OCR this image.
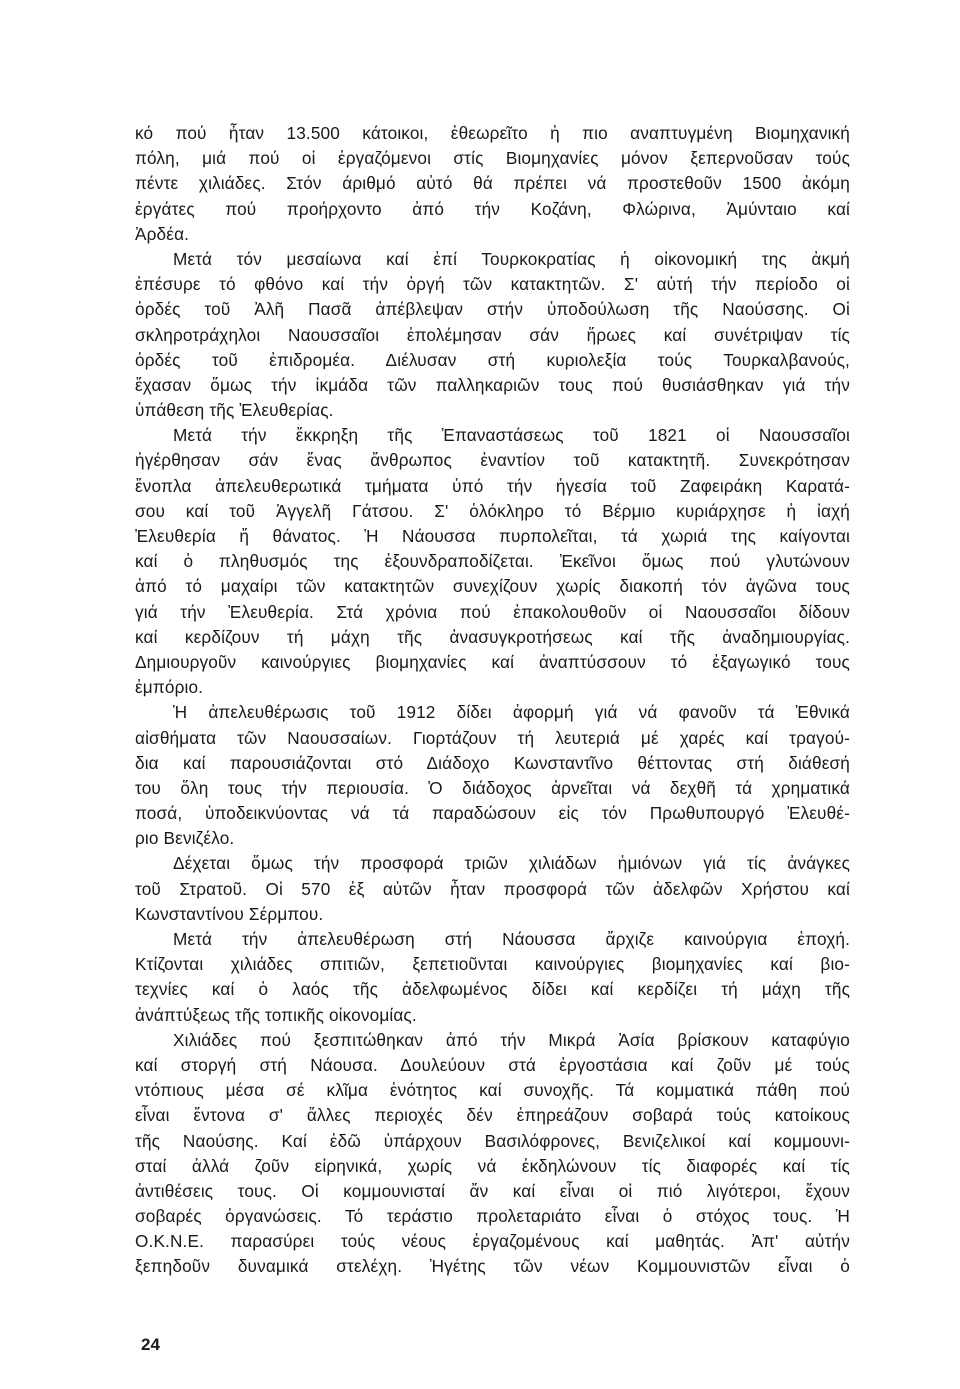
κό πού ἦταν 13.500 κάτοικοι, ἐθεωρεῖτο ἡ πιο αναπτυγμένη Βιομηχανική
πόλη, μιά πού οἱ ἐργαζόμενοι στίς Βιομηχανίες μόνον ξεπερνοῦσαν τούς
πέντε χιλιάδες. Στόν άριθμό αὐτό θά πρέπει νά προστεθοῦν 1500 ἀκόμη
ἐργάτες πού προήρχοντο ἀπό τήν Κοζάνη, Φλώρινα, Ἀμύνταιο καί
Ἀρδέα.
Μετά τόν μεσαίωνα καί ἐπί Τουρκοκρατίας ἡ οἰκονομική της ἀκμή
ἐπέσυρε τό φθόνο καί τήν ὀργή τῶν κατακτητῶν. Σ' αὐτή τήν περίοδο οἱ
ὀρδές τοῦ Ἀλῆ Πασᾶ ἀπέβλεψαν στήν ὑποδούλωση τῆς Ναούσσης. Οἱ
σκληροτράχηλοι Ναουσσαῖοι ἐπολέμησαν σάν ἥρωες καί συνέτριψαν τίς
ὀρδές τοῦ ἐπιδρομέα. Διέλυσαν στή κυριολεξία τούς Τουρκαλβανούς,
ἔχασαν ὅμως τήν ἰκμάδα τῶν παλληκαριῶν τους πού θυσιάσθηκαν γιά τήν
ὑπάθεση τῆς Ἐλευθερίας.
Μετά τήν ἔκκρηξη τῆς Ἐπαναστάσεως τοῦ 1821 οἱ Ναουσσαῖοι
ἠγέρθησαν σάν ἕνας ἄνθρωπος ἐναντίον τοῦ κατακτητῆ. Συνεκρότησαν
ἔνοπλα ἀπελευθερωτικά τμήματα ὑπό τήν ἡγεσία τοῦ Ζαφειράκη Καρατά-
σου καί τοῦ Ἀγγελῆ Γάτσου. Σ' ὁλόκληρο τό Βέρμιο κυριάρχησε ἡ ἰαχή
Ἐλευθερία ἤ θάνατος. Ἡ Νάουσσα πυρπολεῖται, τά χωριά της καίγονται
καί ὁ πληθυσμός της ἐξουνδραποδίζεται. Ἐκεῖνοι ὅμως πού γλυτώνουν
ἀπό τό μαχαίρι τῶν κατακτητῶν συνεχίζουν χωρίς διακοπή τόν ἀγῶνα τους
γιά τήν Ἐλευθερία. Στά χρόνια πού ἐπακολουθοῦν οἱ Ναουσσαῖοι δίδουν
καί κερδίζουν τή μάχη τῆς ἀνασυγκροτήσεως καί τῆς ἀναδημιουργίας.
Δημιουργοῦν καινούργιες βιομηχανίες καί ἀναπτύσσουν τό ἐξαγωγικό τους
ἐμπόριο.
Ἡ ἀπελευθέρωσις τοῦ 1912 δίδει ἀφορμή γιά νά φανοῦν τά Ἐθνικά
αἰσθήματα τῶν Ναουσσαίων. Γιορτάζουν τή λευτεριά μέ χαρές καί τραγού-
δια καί παρουσιάζονται στό Διάδοχο Κωνσταντῖνο θέττοντας στή διάθεσή
του ὅλη τους τήν περιουσία. Ὁ διάδοχος ἀρνεῖται νά δεχθῆ τά χρηματικά
ποσά, ὑποδεικνύοντας νά τά παραδώσουν εἰς τόν Πρωθυπουργό Ἐλευθέ-
ριο Βενιζέλο.
Δέχεται ὅμως τήν προσφορά τριῶν χιλιάδων ἡμιόνων γιά τίς ἀνάγκες
τοῦ Στρατοῦ. Οἱ 570 ἐξ αὐτῶν ἦταν προσφορά τῶν ἀδελφῶν Χρήστου καί
Κωνσταντίνου Σέρμπου.
Μετά τήν ἀπελευθέρωση στή Νάουσσα ἄρχιζε καινούργια ἐποχή.
Κτίζονται χιλιάδες σπιτιῶν, ξεπετιοῦνται καινούργιες βιομηχανίες καί βιο-
τεχνίες καί ὁ λαός τῆς ἀδελφωμένος δίδει καί κερδίζει τή μάχη τῆς
ἀνάπτύξεως τῆς τοπικῆς οἰκονομίας.
Χιλιάδες πού ξεσπιτώθηκαν ἀπό τήν Μικρά Ἀσία βρίσκουν καταφύγιο
καί στοργή στή Νάουσα. Δουλεύουν στά ἐργοστάσια καί ζοῦν μέ τούς
ντόπιους μέσα σέ κλῖμα ἑνότητος καί συνοχῆς. Τά κομματικά πάθη πού
εἶναι ἔντονα σ' ἄλλες περιοχές δέν ἐπηρεάζουν σοβαρά τούς κατοίκους
τῆς Ναούσης. Καί ἐδῶ ὑπάρχουν Βασιλόφρονες, Βενιζελικοί καί κομμουνι-
σταί ἀλλά ζοῦν εἰρηνικά, χωρίς νά ἐκδηλώνουν τίς διαφορές καί τίς
ἀντιθέσεις τους. Οἱ κομμουνισταί ἄν καί εἶναι οἱ πιό λιγότεροι, ἔχουν
σοβαρές ὀργανώσεις. Τό τεράστιο προλεταριάτο εἶναι ὁ στόχος τους. Ἡ
Ο.Κ.Ν.Ε. παρασύρει τούς νέους ἐργαζομένους καί μαθητάς. Ἀπ' αὐτήν
ξεπηδοῦν δυναμικά στελέχη. Ἡγέτης τῶν νέων Κομμουνιστῶν εἶναι ὁ
24
